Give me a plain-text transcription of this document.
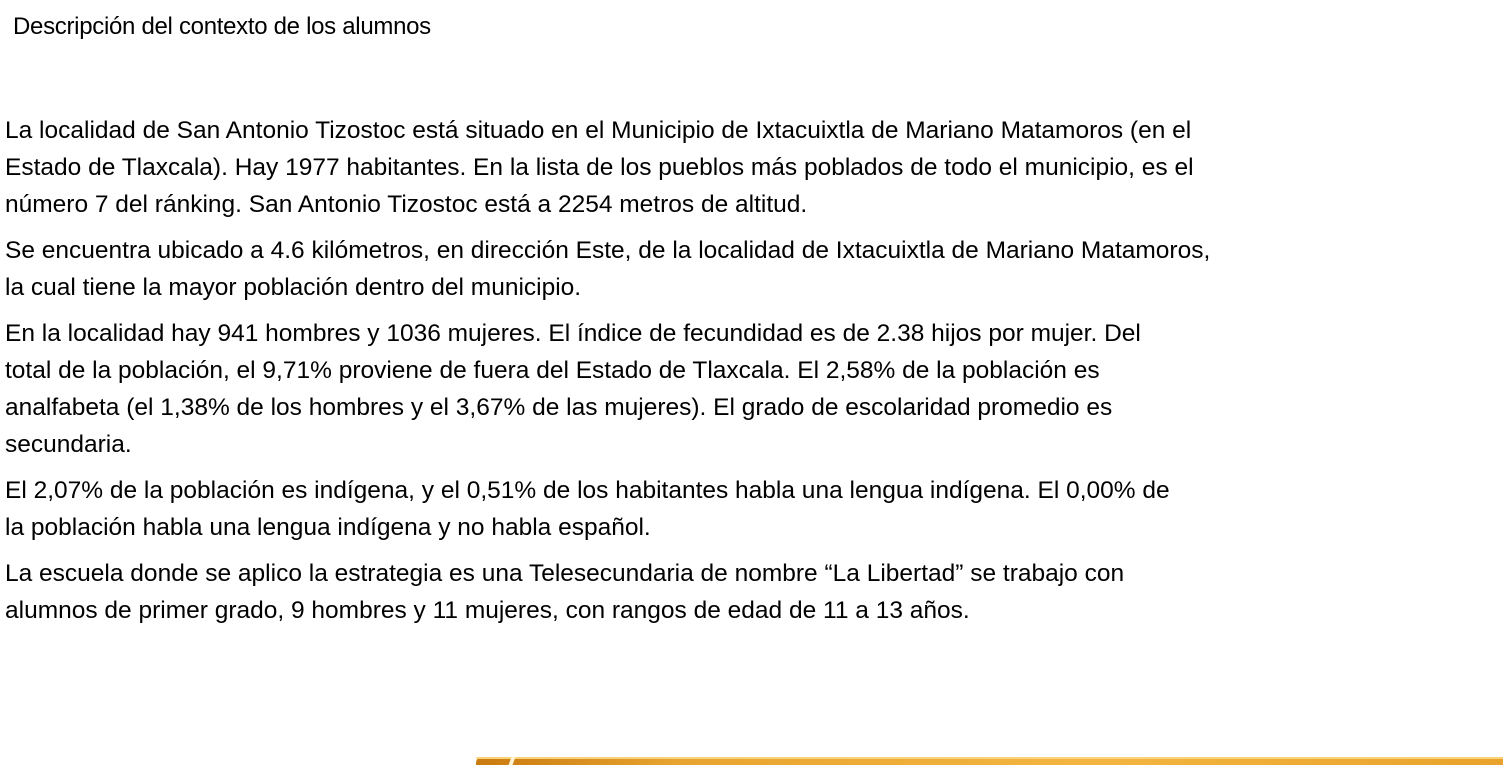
Descripción del contexto de los alumnos

La localidad de San Antonio Tizostoc está situado en el Municipio de Ixtacuixtla de Mariano Matamoros (en el
Estado de Tlaxcala). Hay 1977 habitantes. En la lista de los pueblos más poblados de todo el municipio, es el
número 7 del ránking. San Antonio Tizostoc está a 2254 metros de altitud.

Se encuentra ubicado a 4.6 kilómetros, en dirección Este, de la localidad de Ixtacuixtla de Mariano Matamoros,
la cual tiene la mayor población dentro del municipio.

En la localidad hay 941 hombres y 1036 mujeres. El índice de fecundidad es de 2.38 hijos por mujer. Del
total de la población, el 9,71% proviene de fuera del Estado de Tlaxcala. El 2,58% de la población es
analfabeta (el 1,38% de los hombres y el 3,67% de las mujeres). El grado de escolaridad promedio es
secundaria.

El 2,07% de la población es indígena, y el 0,51% de los habitantes habla una lengua indígena. El 0,00% de
la población habla una lengua indígena y no habla español.

La escuela donde se aplico la estrategia es una Telesecundaria de nombre “La Libertad” se trabajo con
alumnos de primer grado, 9 hombres y 11 mujeres, con rangos de edad de 11 a 13 años.
